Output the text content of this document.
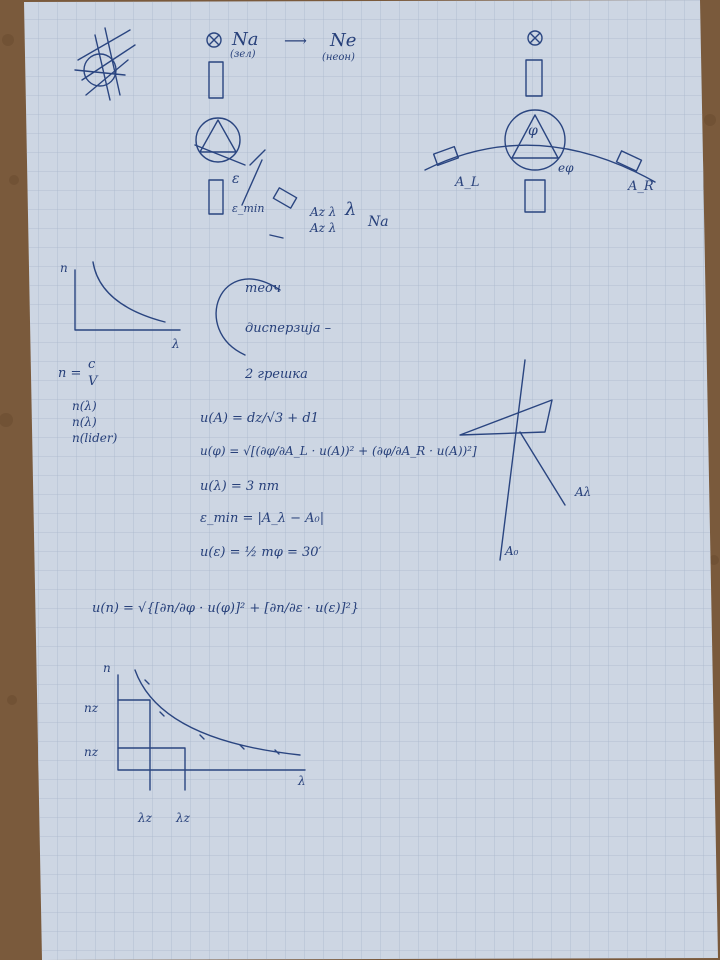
Na
(зел)
⟶ Ne
(неон)
φ
A_L	A_R
eφ
ε
ε_min	Az λ
Az λ Na
теоч
дисперзија –
2 грешка
n
λ
n =
c
V
n(λ)
n(λ)
n(lider)
u(A) = dz/√3 + d1
u(φ) = √[(∂φ/∂A_L · u(A))² + (∂φ/∂A_R · u(A))²]
u(λ) = 3 nm
ε_min = |A_λ − A₀|
u(ε) = ½ mφ = 30′
u(n) = √{[∂n/∂φ · u(φ)]² + [∂n/∂ε · u(ε)]²}
n
λ
nz
nz
λz λz
Aλ
A₀
λ
